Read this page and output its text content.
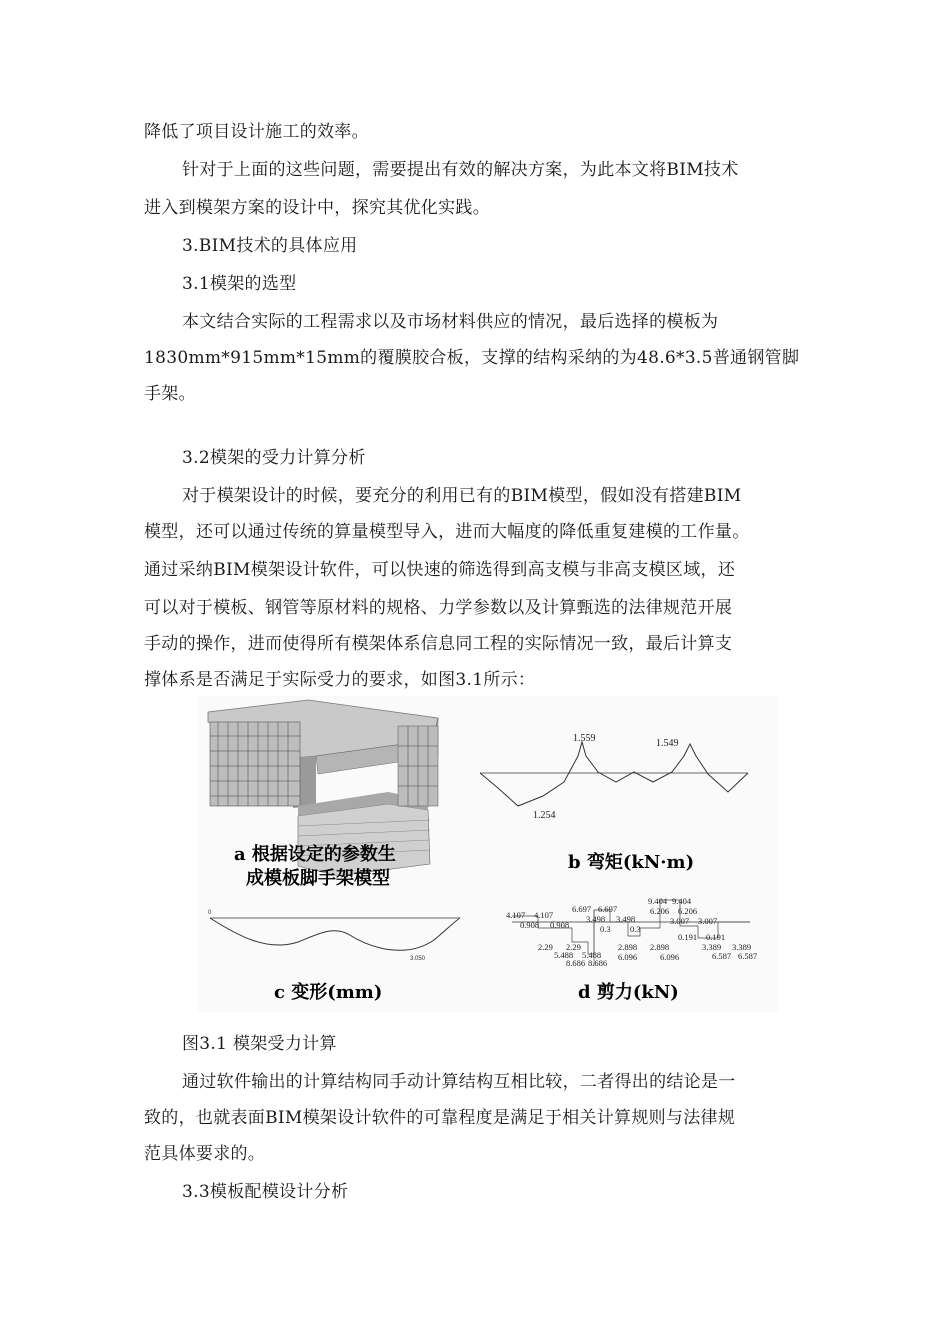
降低了项目设计施工的效率。
针对于上面的这些问题，需要提出有效的解决方案，为此本文将BIM技术
进入到模架方案的设计中，探究其优化实践。
3.BIM技术的具体应用
3.1模架的选型
本文结合实际的工程需求以及市场材料供应的情况，最后选择的模板为
1830mm*915mm*15mm的覆膜胶合板，支撑的结构采纳的为48.6*3.5普通钢管脚
手架。
3.2模架的受力计算分析
对于模架设计的时候，要充分的利用已有的BIM模型，假如没有搭建BIM
模型，还可以通过传统的算量模型导入，进而大幅度的降低重复建模的工作量。
通过采纳BIM模架设计软件，可以快速的筛选得到高支模与非高支模区域，还
可以对于模板、钢管等原材料的规格、力学参数以及计算甄选的法律规范开展
手动的操作，进而使得所有模架体系信息同工程的实际情况一致，最后计算支
撑体系是否满足于实际受力的要求，如图3.1所示：
1.559	1.549
1.254
a 根据设定的参数生
成模板脚手架模型
b 弯矩(kN·m)
0
3.050
4.107 4.107
0.908 0.908
6.697 6.697
3.498 3.498
0.3 0.3
9.404 9.404
6.206 6.206
3.007 3.007
2.29 2.29
5.488 5.488
8.686 8.686
2.898 2.898
6.096	6.096
0.191 0.191
3.389 3.389
6.587 6.587
c 变形(mm)	d 剪力(kN)
图3.1 模架受力计算
通过软件输出的计算结构同手动计算结构互相比较，二者得出的结论是一
致的，也就表面BIM模架设计软件的可靠程度是满足于相关计算规则与法律规
范具体要求的。
3.3模板配模设计分析
